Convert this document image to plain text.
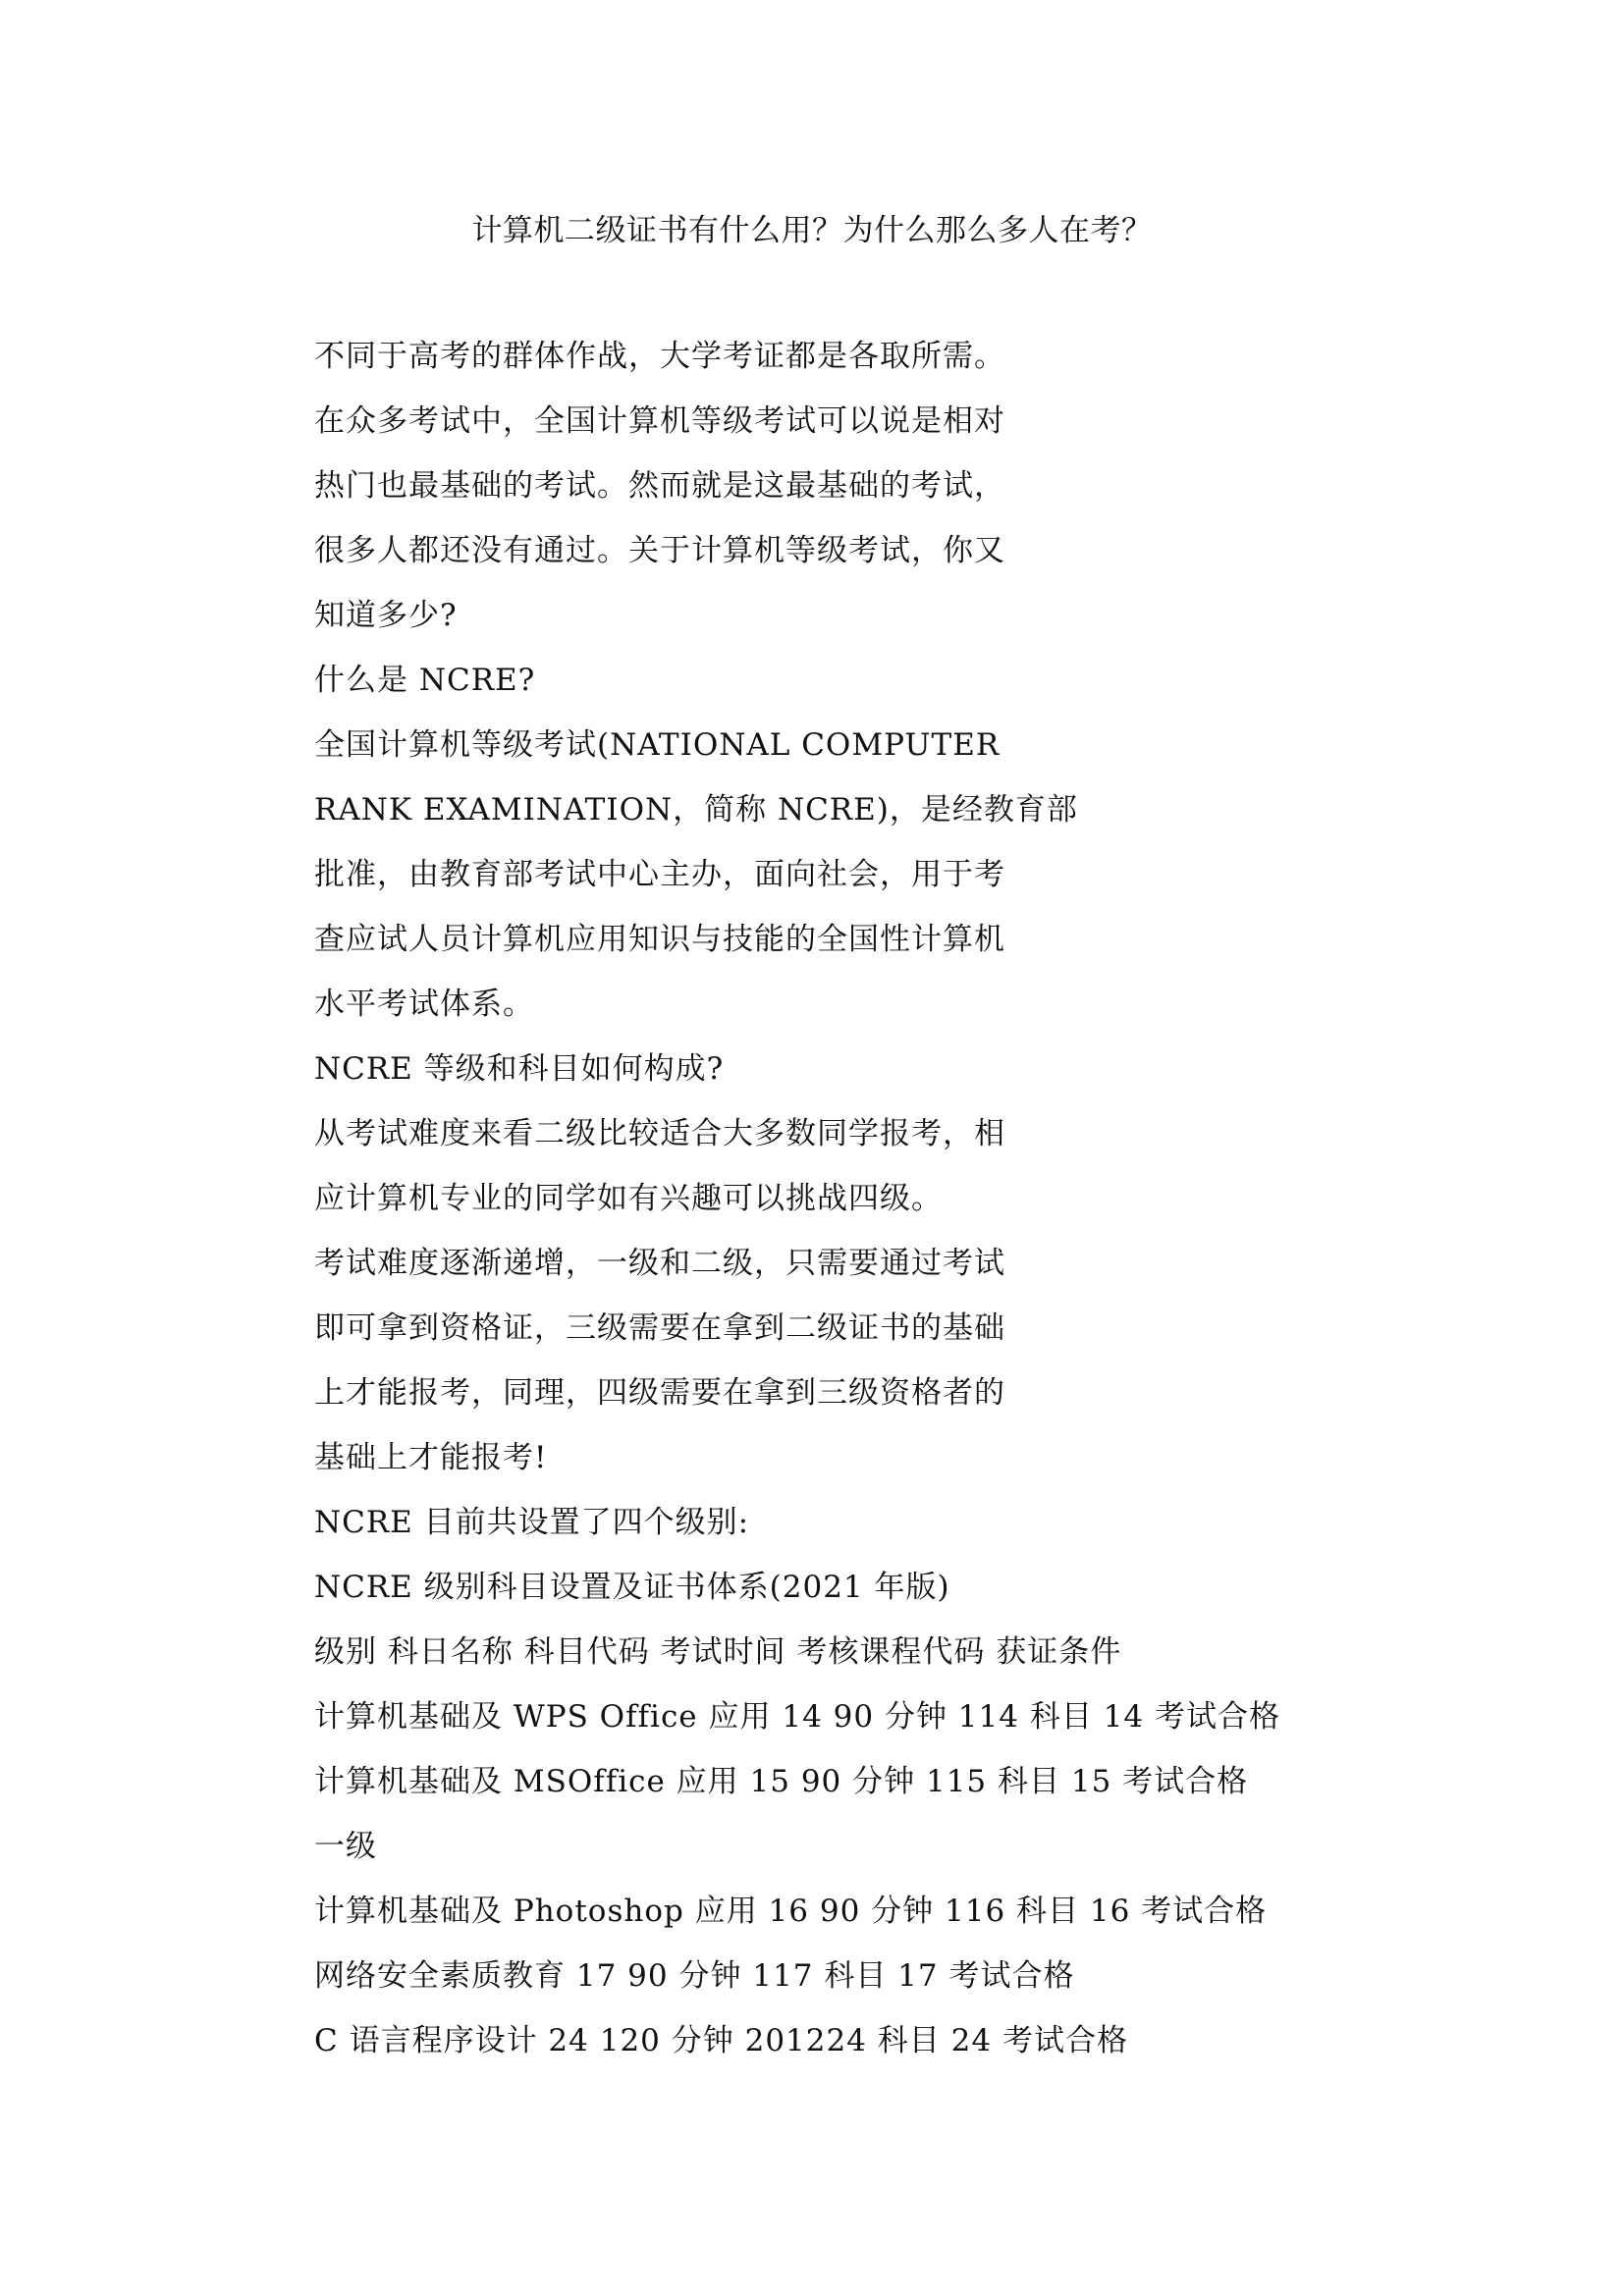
计算机二级证书有什么用？为什么那么多人在考？
不同于高考的群体作战，大学考证都是各取所需。
在众多考试中，全国计算机等级考试可以说是相对
热门也最基础的考试。然而就是这最基础的考试，
很多人都还没有通过。关于计算机等级考试，你又
知道多少?
什么是 NCRE?
全国计算机等级考试(NATIONAL COMPUTER
RANK EXAMINATION，简称 NCRE)，是经教育部
批准，由教育部考试中心主办，面向社会，用于考
查应试人员计算机应用知识与技能的全国性计算机
水平考试体系。
NCRE 等级和科目如何构成?
从考试难度来看二级比较适合大多数同学报考，相
应计算机专业的同学如有兴趣可以挑战四级。
考试难度逐渐递增，一级和二级，只需要通过考试
即可拿到资格证，三级需要在拿到二级证书的基础
上才能报考，同理，四级需要在拿到三级资格者的
基础上才能报考!
NCRE 目前共设置了四个级别:
NCRE 级别科目设置及证书体系(2021 年版)
级别 科日名称 科目代码 考试时间 考核课程代码 获证条件
计算机基础及 WPS Office 应用 14 90 分钟 114 科目 14 考试合格
计算机基础及 MSOffice 应用 15 90 分钟 115 科目 15 考试合格
一级
计算机基础及 Photoshop 应用 16 90 分钟 116 科目 16 考试合格
网络安全素质教育 17 90 分钟 117 科目 17 考试合格
C 语言程序设计 24 120 分钟 201224 科目 24 考试合格
